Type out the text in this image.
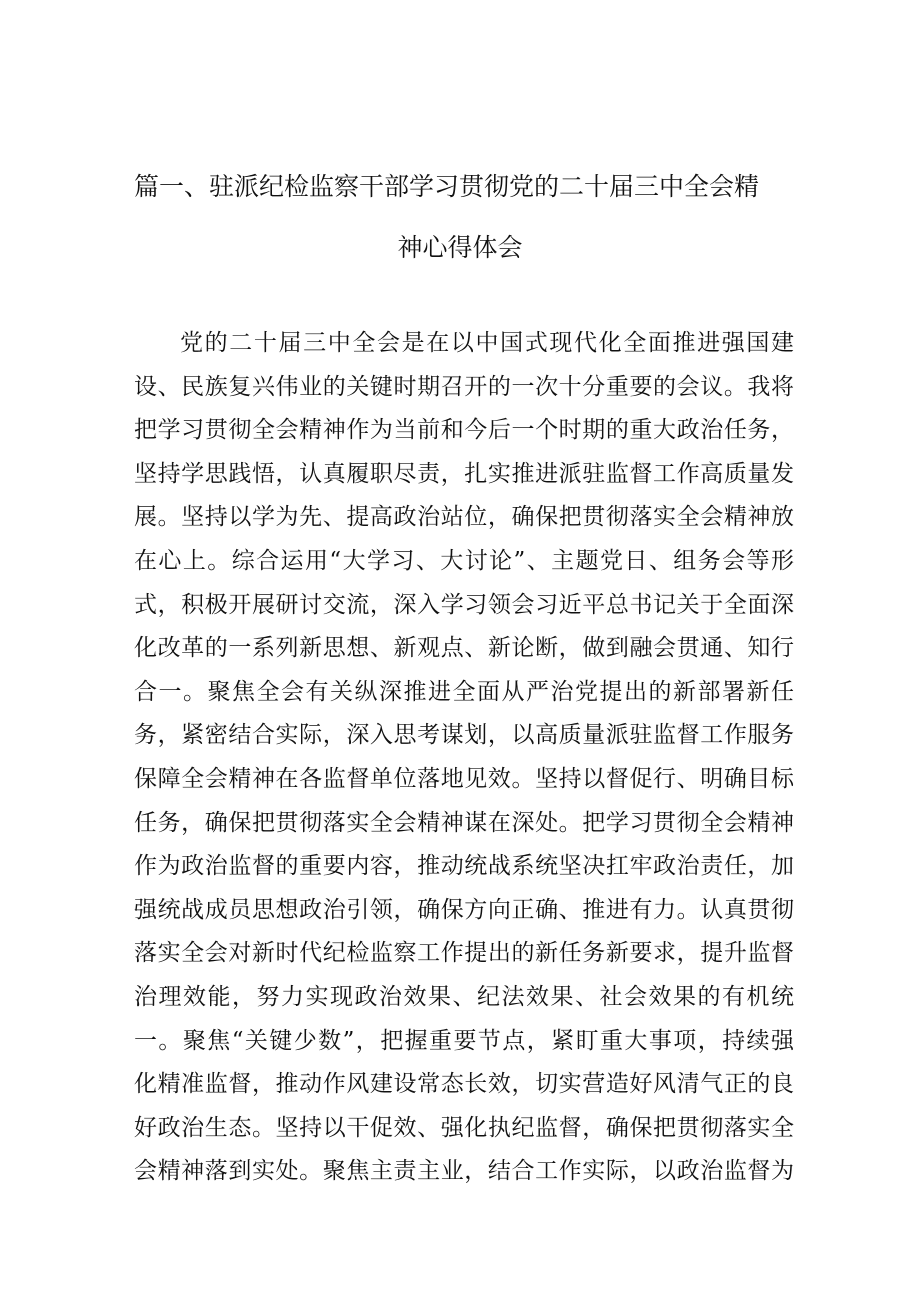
篇一、驻派纪检监察干部学习贯彻党的二十届三中全会精
神心得体会
党的二十届三中全会是在以中国式现代化全面推进强国建
设、民族复兴伟业的关键时期召开的一次十分重要的会议。我将
把学习贯彻全会精神作为当前和今后一个时期的重大政治任务，
坚持学思践悟，认真履职尽责，扎实推进派驻监督工作高质量发
展。坚持以学为先、提高政治站位，确保把贯彻落实全会精神放
在心上。综合运用“大学习、大讨论”、主题党日、组务会等形
式，积极开展研讨交流，深入学习领会习近平总书记关于全面深
化改革的一系列新思想、新观点、新论断，做到融会贯通、知行
合一。聚焦全会有关纵深推进全面从严治党提出的新部署新任
务，紧密结合实际，深入思考谋划，以高质量派驻监督工作服务
保障全会精神在各监督单位落地见效。坚持以督促行、明确目标
任务，确保把贯彻落实全会精神谋在深处。把学习贯彻全会精神
作为政治监督的重要内容，推动统战系统坚决扛牢政治责任，加
强统战成员思想政治引领，确保方向正确、推进有力。认真贯彻
落实全会对新时代纪检监察工作提出的新任务新要求，提升监督
治理效能，努力实现政治效果、纪法效果、社会效果的有机统
一。聚焦“关键少数”，把握重要节点，紧盯重大事项，持续强
化精准监督，推动作风建设常态长效，切实营造好风清气正的良
好政治生态。坚持以干促效、强化执纪监督，确保把贯彻落实全
会精神落到实处。聚焦主责主业，结合工作实际，以政治监督为
